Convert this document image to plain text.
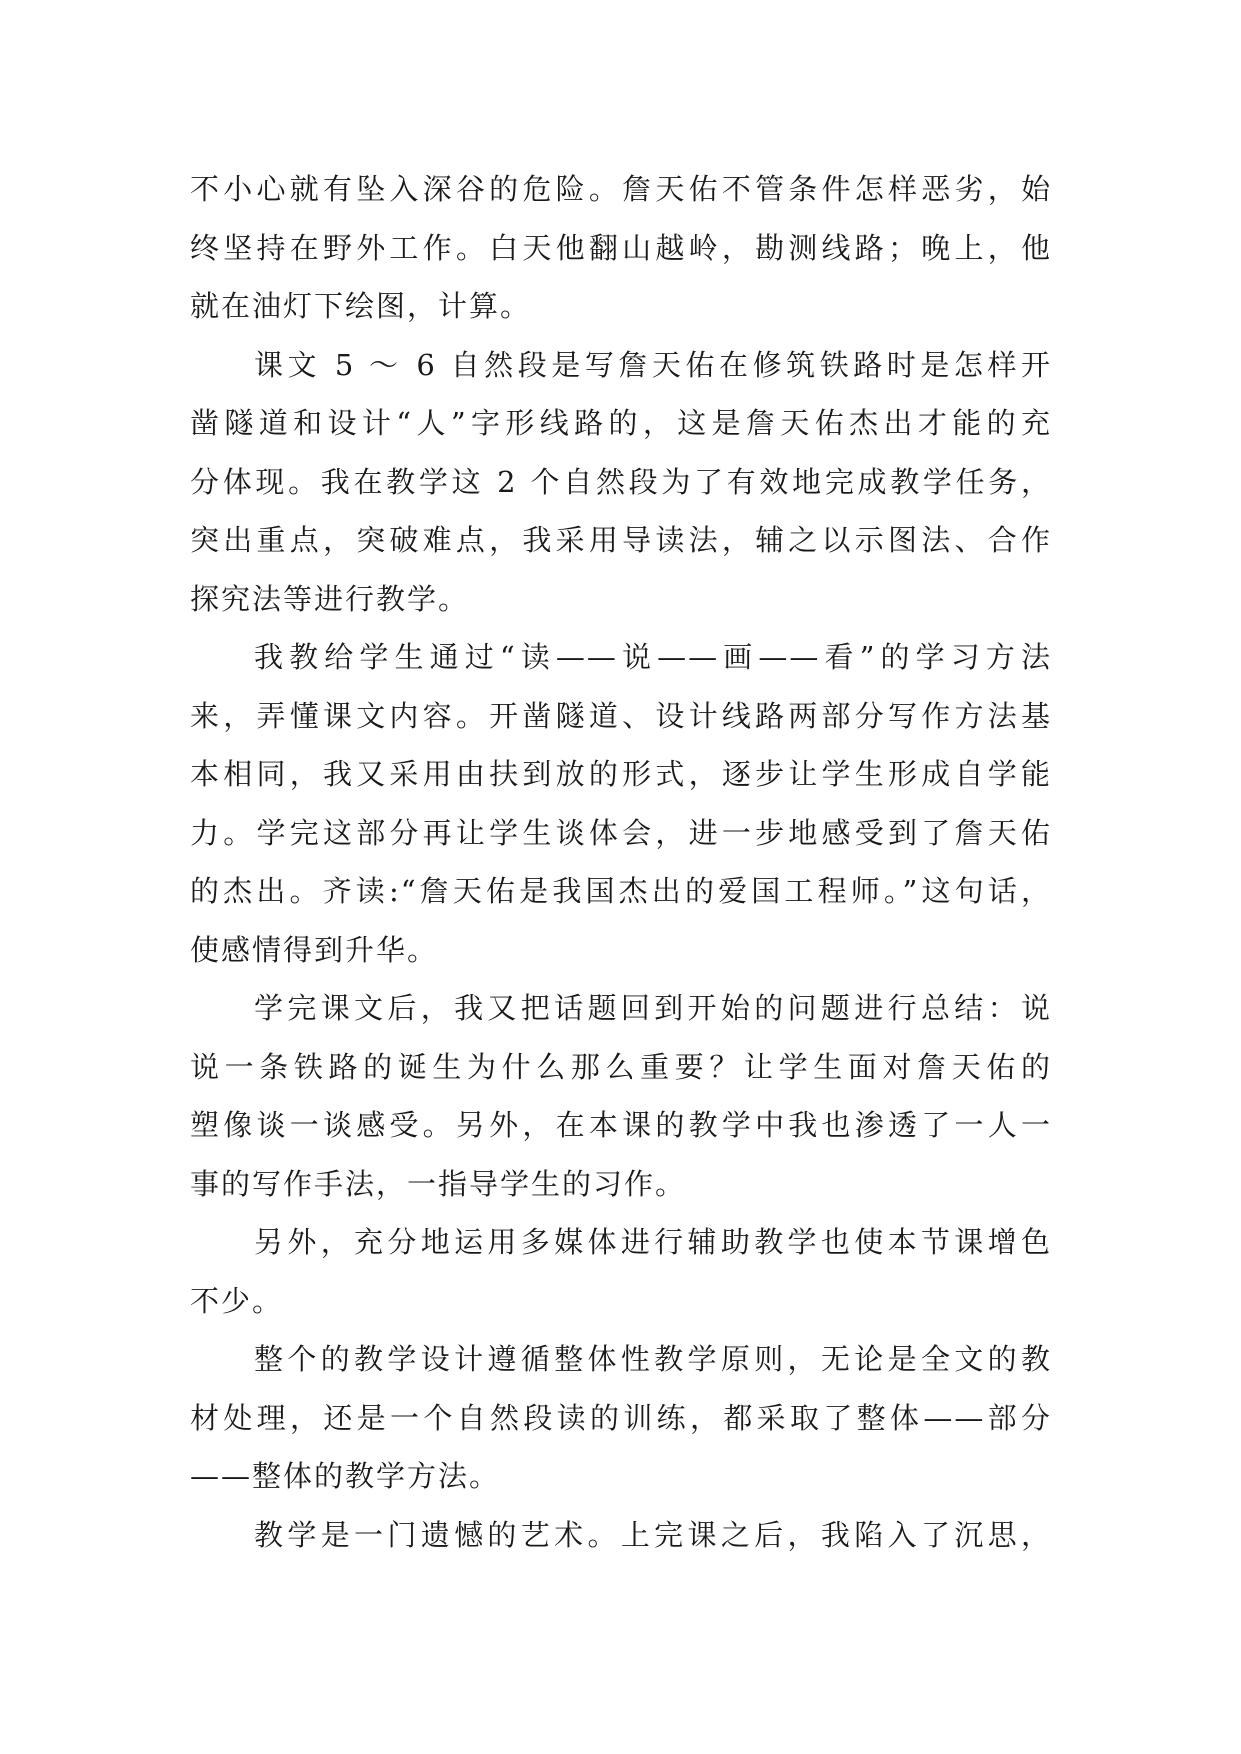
不小心就有坠入深谷的危险。詹天佑不管条件怎样恶劣，始
终坚持在野外工作。白天他翻山越岭，勘测线路；晚上，他
就在油灯下绘图，计算。
课文 5 ～ 6 自然段是写詹天佑在修筑铁路时是怎样开
凿隧道和设计“人”字形线路的，这是詹天佑杰出才能的充
分体现。我在教学这 2 个自然段为了有效地完成教学任务，
突出重点，突破难点，我采用导读法，辅之以示图法、合作
探究法等进行教学。
我教给学生通过“读——说——画——看”的学习方法
来，弄懂课文内容。开凿隧道、设计线路两部分写作方法基
本相同，我又采用由扶到放的形式，逐步让学生形成自学能
力。学完这部分再让学生谈体会，进一步地感受到了詹天佑
的杰出。齐读:“詹天佑是我国杰出的爱国工程师。”这句话，
使感情得到升华。
学完课文后，我又把话题回到开始的问题进行总结：说
说一条铁路的诞生为什么那么重要？让学生面对詹天佑的
塑像谈一谈感受。另外，在本课的教学中我也渗透了一人一
事的写作手法，一指导学生的习作。
另外，充分地运用多媒体进行辅助教学也使本节课增色
不少。
整个的教学设计遵循整体性教学原则，无论是全文的教
材处理，还是一个自然段读的训练，都采取了整体——部分
——整体的教学方法。
教学是一门遗憾的艺术。上完课之后，我陷入了沉思，
